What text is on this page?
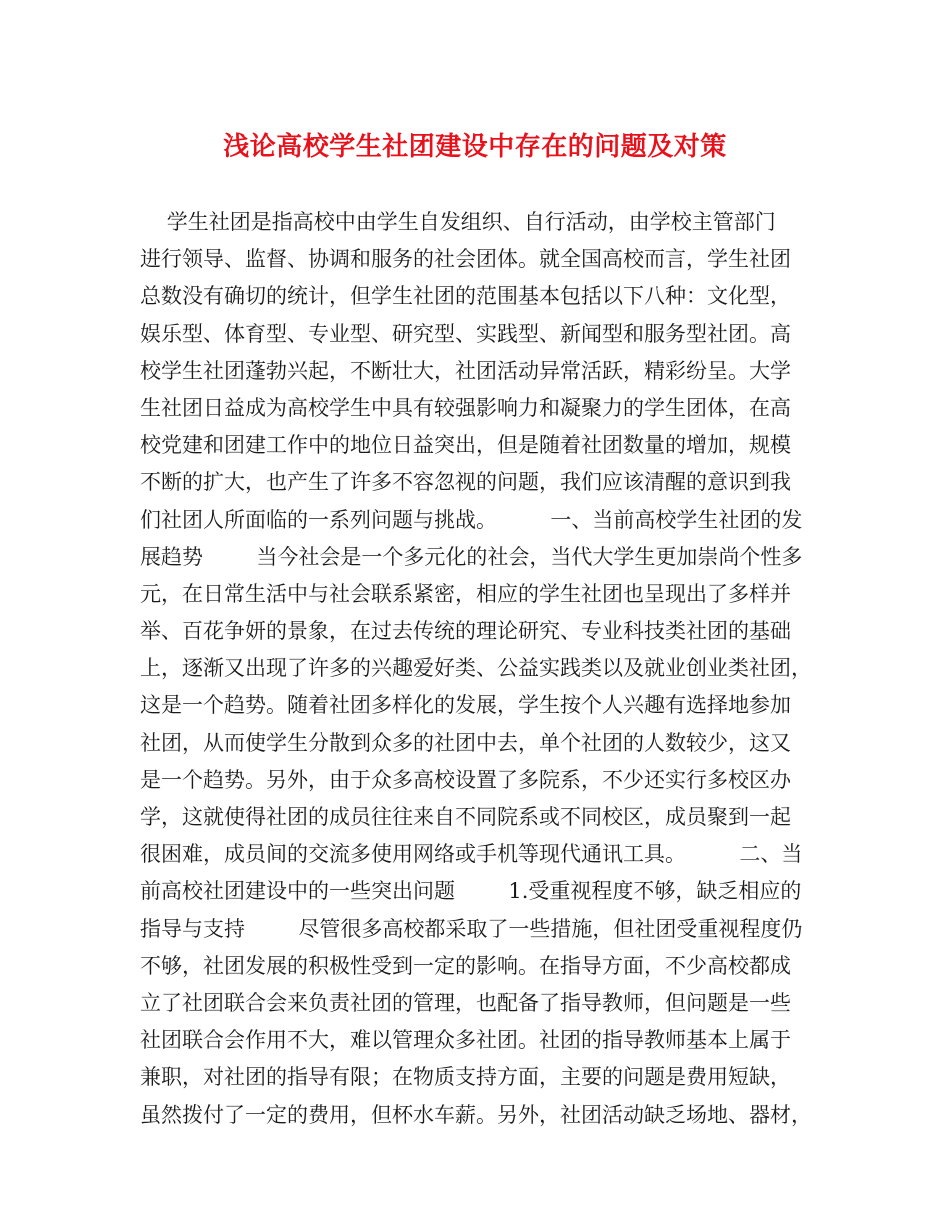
浅论高校学生社团建设中存在的问题及对策
学生社团是指高校中由学生自发组织、自行活动，由学校主管部门
进行领导、监督、协调和服务的社会团体。就全国高校而言，学生社团
总数没有确切的统计，但学生社团的范围基本包括以下八种：文化型，
娱乐型、体育型、专业型、研究型、实践型、新闻型和服务型社团。高
校学生社团蓬勃兴起，不断壮大，社团活动异常活跃，精彩纷呈。大学
生社团日益成为高校学生中具有较强影响力和凝聚力的学生团体，在高
校党建和团建工作中的地位日益突出，但是随着社团数量的增加，规模
不断的扩大，也产生了许多不容忽视的问题，我们应该清醒的意识到我
们社团人所面临的一系列问题与挑战。        一、当前高校学生社团的发
展趋势        当今社会是一个多元化的社会，当代大学生更加崇尚个性多
元，在日常生活中与社会联系紧密，相应的学生社团也呈现出了多样并
举、百花争妍的景象，在过去传统的理论研究、专业科技类社团的基础
上，逐渐又出现了许多的兴趣爱好类、公益实践类以及就业创业类社团，
这是一个趋势。随着社团多样化的发展，学生按个人兴趣有选择地参加
社团，从而使学生分散到众多的社团中去，单个社团的人数较少，这又
是一个趋势。另外，由于众多高校设置了多院系，不少还实行多校区办
学，这就使得社团的成员往往来自不同院系或不同校区，成员聚到一起
很困难，成员间的交流多使用网络或手机等现代通讯工具。        二、当
前高校社团建设中的一些突出问题        1.受重视程度不够，缺乏相应的
指导与支持        尽管很多高校都采取了一些措施，但社团受重视程度仍
不够，社团发展的积极性受到一定的影响。在指导方面，不少高校都成
立了社团联合会来负责社团的管理，也配备了指导教师，但问题是一些
社团联合会作用不大，难以管理众多社团。社团的指导教师基本上属于
兼职，对社团的指导有限；在物质支持方面，主要的问题是费用短缺，
虽然拨付了一定的费用，但杯水车薪。另外，社团活动缺乏场地、器材，
